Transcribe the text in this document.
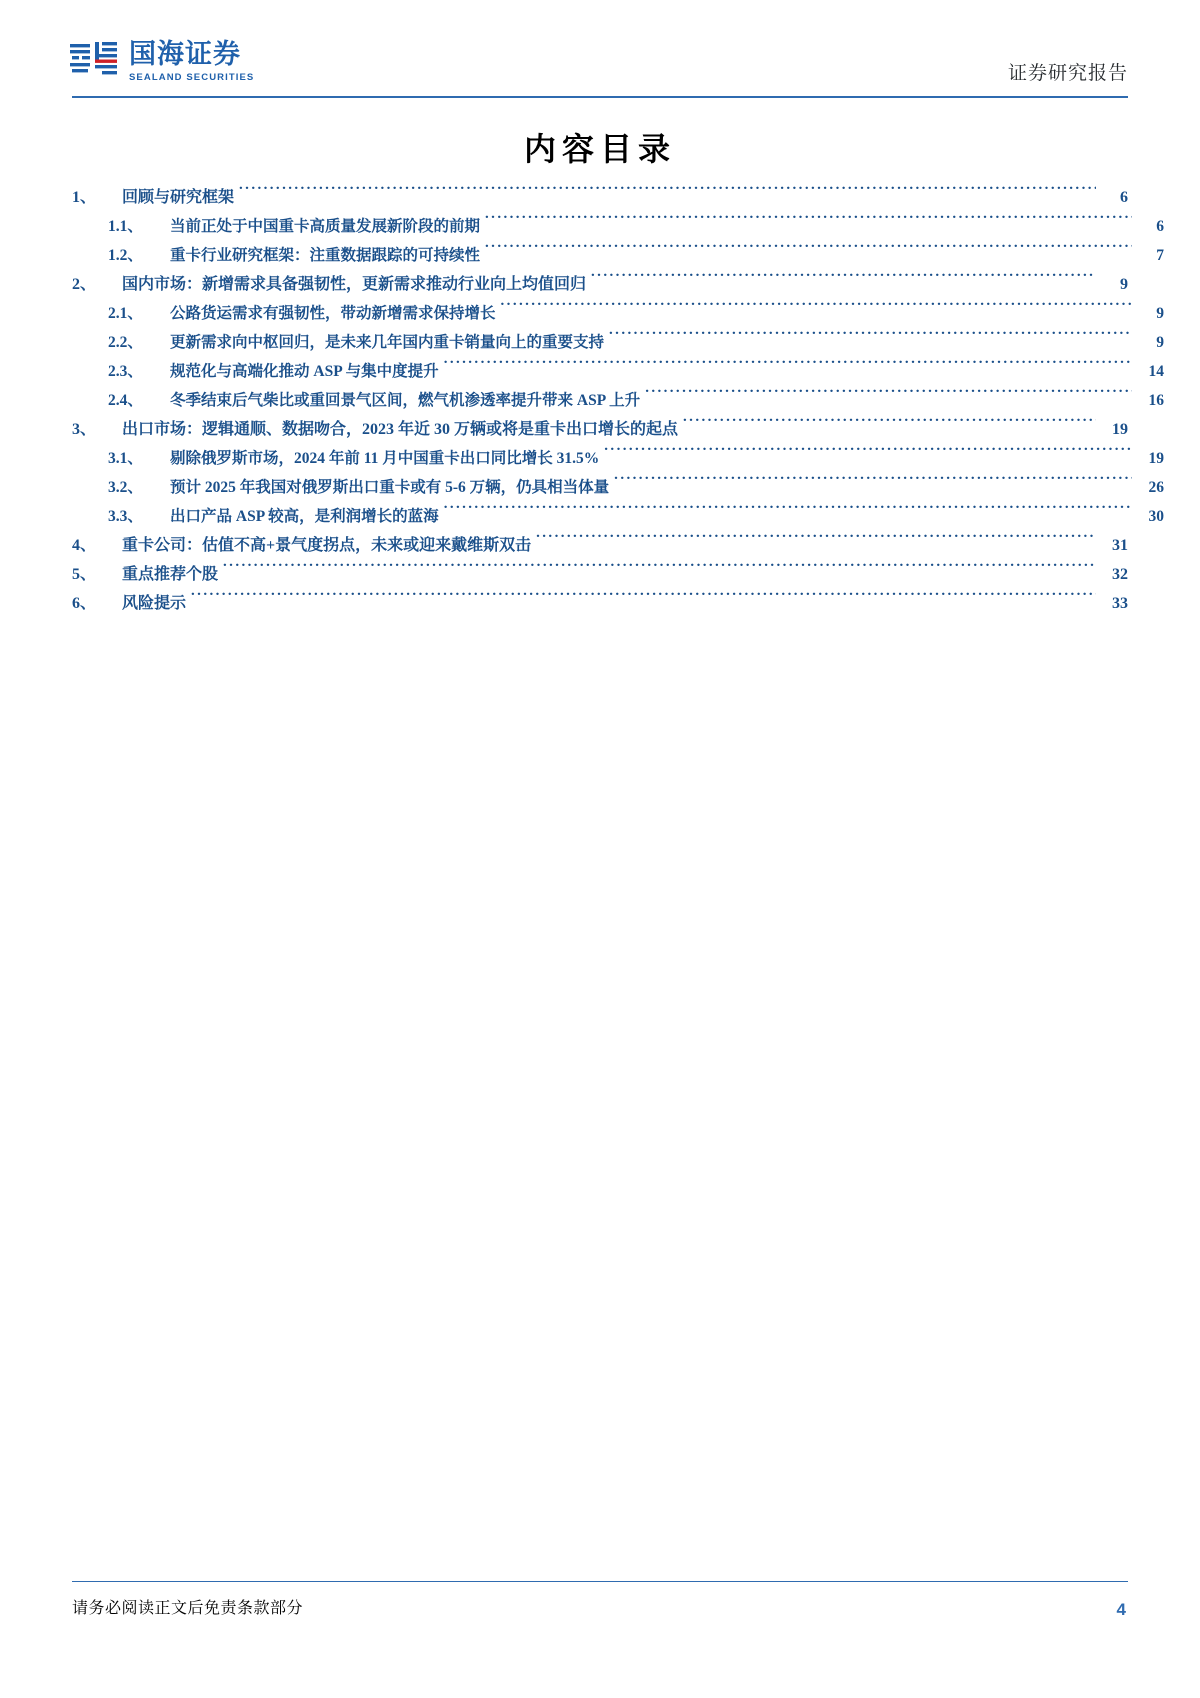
国海证券
SEALAND SECURITIES	证券研究报告
内容目录
1、	回顾与研究框架 .....	6
1.1、	当前正处于中国重卡高质量发展新阶段的前期 .....	6
1.2、	重卡行业研究框架：注重数据跟踪的可持续性 .....	7
2、	国内市场：新增需求具备强韧性，更新需求推动行业向上均值回归 .....	9
2.1、	公路货运需求有强韧性，带动新增需求保持增长 .....	9
2.2、	更新需求向中枢回归，是未来几年国内重卡销量向上的重要支持 .....	9
2.3、	规范化与高端化推动 ASP 与集中度提升 .....	14
2.4、	冬季结束后气柴比或重回景气区间，燃气机渗透率提升带来 ASP 上升 .....	16
3、	出口市场：逻辑通顺、数据吻合，2023 年近 30 万辆或将是重卡出口增长的起点 .....	19
3.1、	剔除俄罗斯市场，2024 年前 11 月中国重卡出口同比增长 31.5% .....	19
3.2、	预计 2025 年我国对俄罗斯出口重卡或有 5-6 万辆，仍具相当体量 .....	26
3.3、	出口产品 ASP 较高，是利润增长的蓝海 .....	30
4、	重卡公司：估值不高+景气度拐点，未来或迎来戴维斯双击 .....	31
5、	重点推荐个股 .....	32
6、	风险提示 .....	33
请务必阅读正文后免责条款部分	4
